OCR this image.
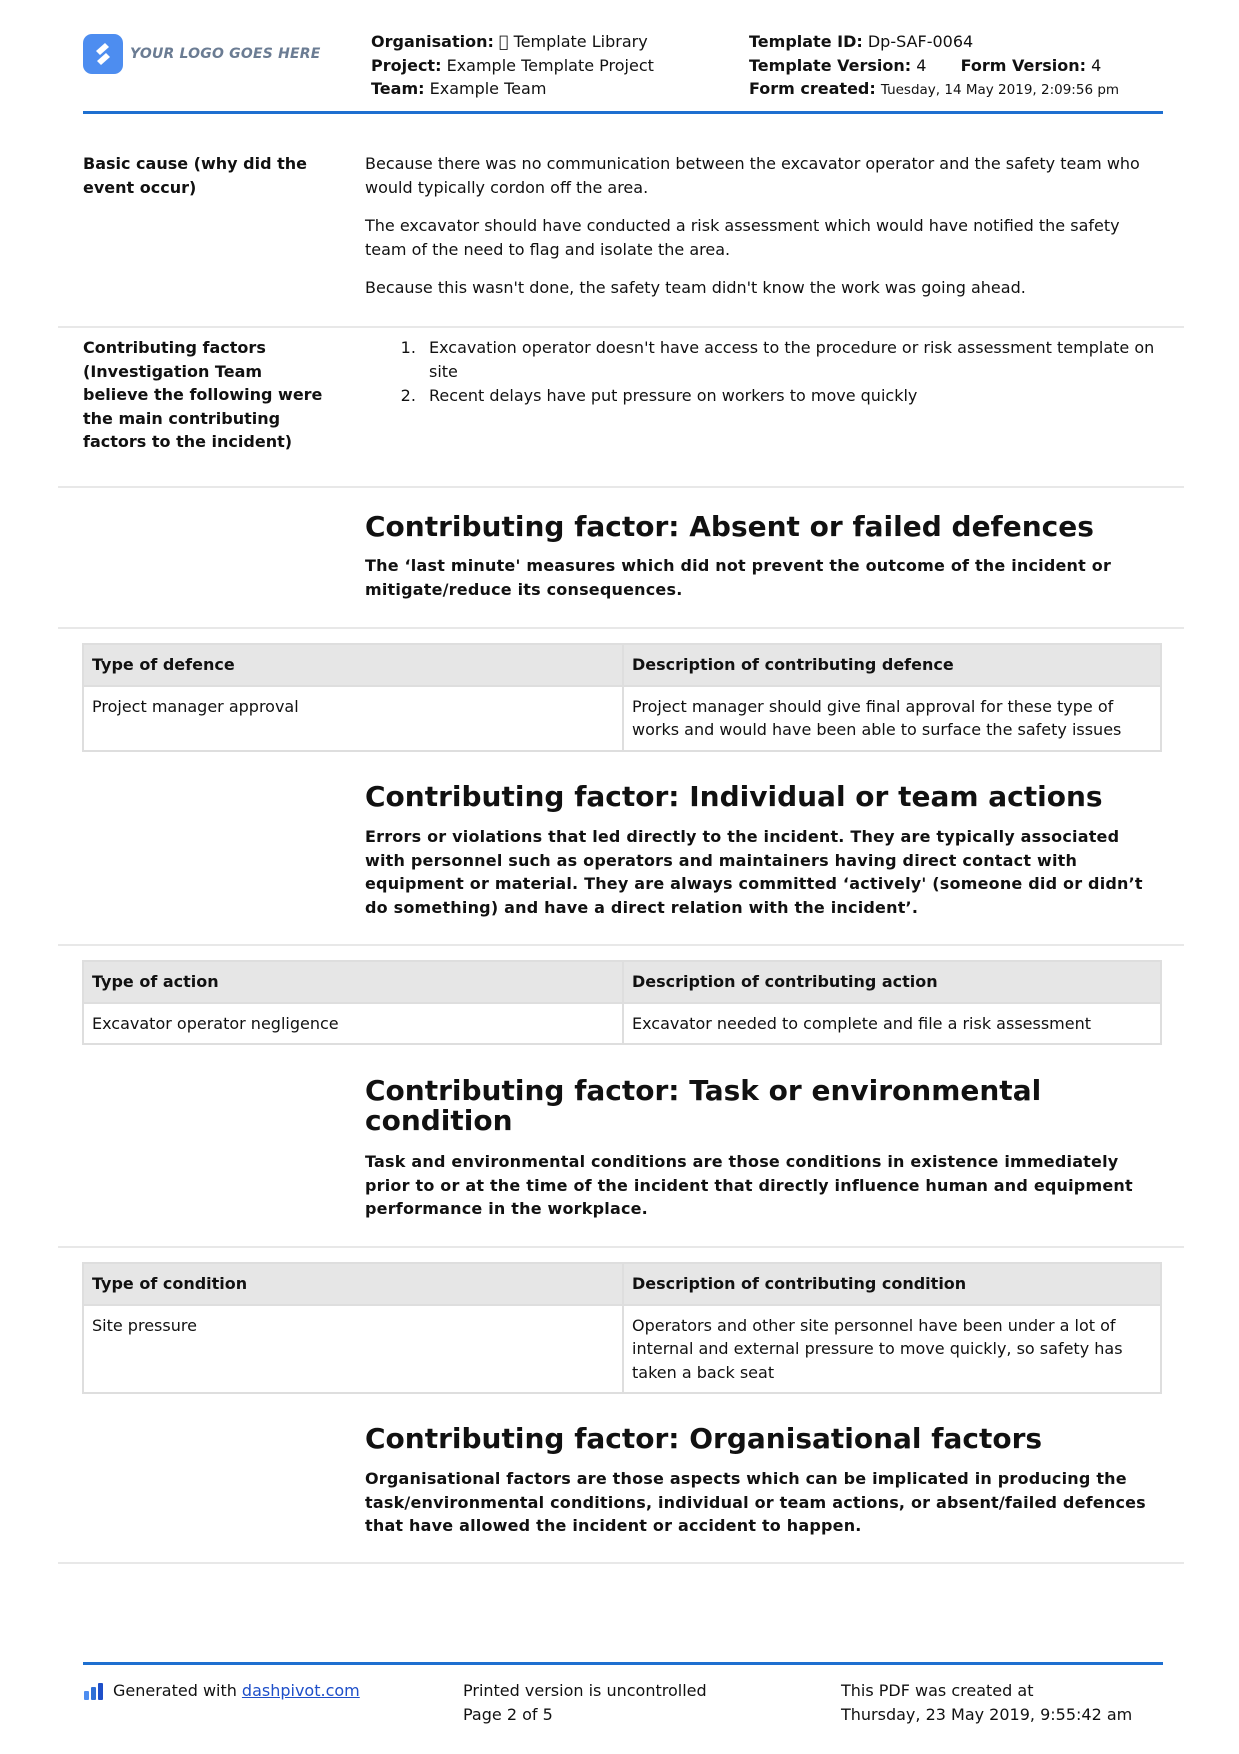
YOUR LOGO GOES HERE
Organisation: Template Library
Project: Example Template Project
Team: Example Team
Template ID: Dp-SAF-0064
Template Version: 4 Form Version: 4
Form created: Tuesday, 14 May 2019, 2:09:56 pm
Basic cause (why did the event occur)

Because there was no communication between the excavator operator and the safety team who would typically cordon off the area.

The excavator should have conducted a risk assessment which would have notified the safety team of the need to flag and isolate the area.

Because this wasn't done, the safety team didn't know the work was going ahead.

Contributing factors (Investigation Team believe the following were the main contributing factors to the incident)
1. Excavation operator doesn't have access to the procedure or risk assessment template on site
2. Recent delays have put pressure on workers to move quickly
Contributing factor: Absent or failed defences
The ‘last minute' measures which did not prevent the outcome of the incident or mitigate/reduce its consequences.
Type of defence	Description of contributing defence
Project manager approval	Project manager should give final approval for these type of works and would have been able to surface the safety issues
Contributing factor: Individual or team actions
Errors or violations that led directly to the incident. They are typically associated with personnel such as operators and maintainers having direct contact with equipment or material. They are always committed ‘actively' (someone did or didn’t do something) and have a direct relation with the incident’.
Type of action	Description of contributing action
Excavator operator negligence	Excavator needed to complete and file a risk assessment
Contributing factor: Task or environmental condition
Task and environmental conditions are those conditions in existence immediately prior to or at the time of the incident that directly influence human and equipment performance in the workplace.
Type of condition	Description of contributing condition
Site pressure	Operators and other site personnel have been under a lot of internal and external pressure to move quickly, so safety has taken a back seat
Contributing factor: Organisational factors
Organisational factors are those aspects which can be implicated in producing the task/environmental conditions, individual or team actions, or absent/failed defences that have allowed the incident or accident to happen.
Generated with dashpivot.com	Printed version is uncontrolled
Page 2 of 5
This PDF was created at
Thursday, 23 May 2019, 9:55:42 am
